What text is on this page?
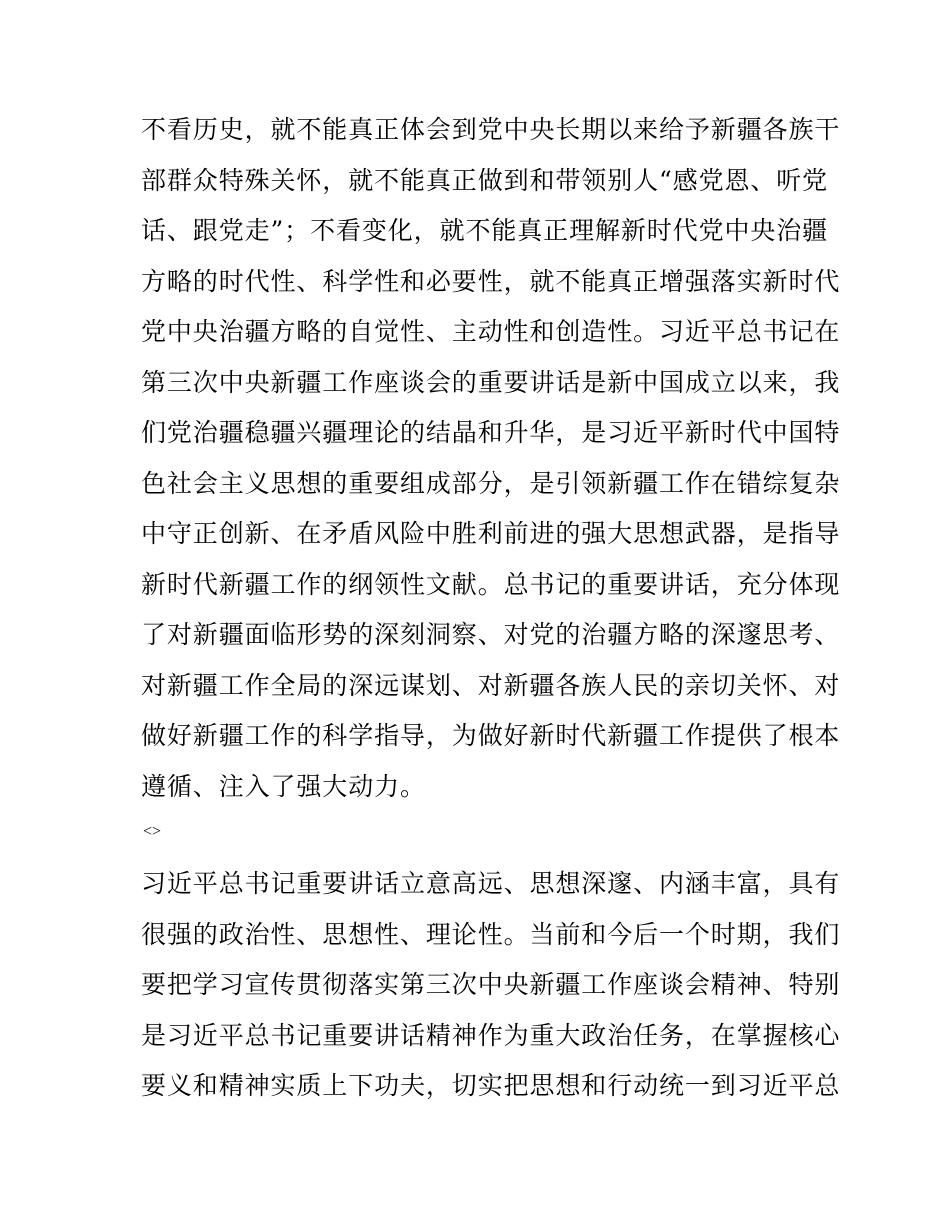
不看历史，就不能真正体会到党中央长期以来给予新疆各族干

部群众特殊关怀，就不能真正做到和带领别人“感党恩、听党

话、跟党走”；不看变化，就不能真正理解新时代党中央治疆

方略的时代性、科学性和必要性，就不能真正增强落实新时代

党中央治疆方略的自觉性、主动性和创造性。习近平总书记在

第三次中央新疆工作座谈会的重要讲话是新中国成立以来，我

们党治疆稳疆兴疆理论的结晶和升华，是习近平新时代中国特

色社会主义思想的重要组成部分，是引领新疆工作在错综复杂

中守正创新、在矛盾风险中胜利前进的强大思想武器，是指导

新时代新疆工作的纲领性文献。总书记的重要讲话，充分体现

了对新疆面临形势的深刻洞察、对党的治疆方略的深邃思考、

对新疆工作全局的深远谋划、对新疆各族人民的亲切关怀、对

做好新疆工作的科学指导，为做好新时代新疆工作提供了根本

遵循、注入了强大动力。

<>

习近平总书记重要讲话立意高远、思想深邃、内涵丰富，具有

很强的政治性、思想性、理论性。当前和今后一个时期，我们

要把学习宣传贯彻落实第三次中央新疆工作座谈会精神、特别

是习近平总书记重要讲话精神作为重大政治任务，在掌握核心

要义和精神实质上下功夫，切实把思想和行动统一到习近平总
